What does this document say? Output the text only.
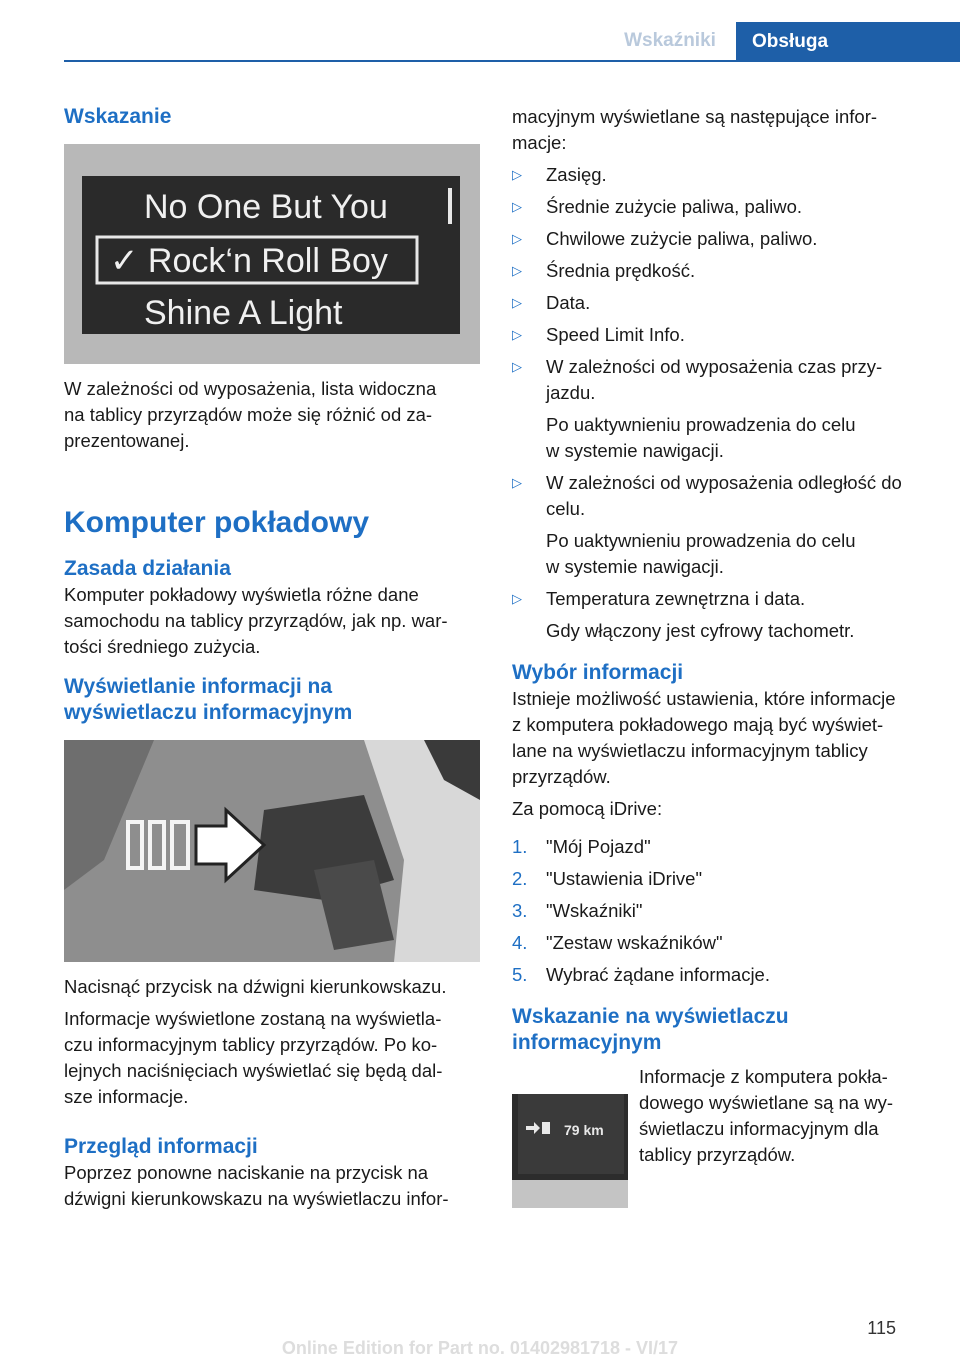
Wskaźniki	Obsługa

Wskazanie

No One But You
✓ Rock‘n Roll Boy
Shine A Light

W zależności od wyposażenia, lista widoczna

na tablicy przyrządów może się różnić od za-

prezentowanej.

Komputer pokładowy

Zasada działania

Komputer pokładowy wyświetla różne dane

samochodu na tablicy przyrządów, jak np. war-

tości średniego zużycia.

Wyświetlanie informacji na

wyświetlaczu informacyjnym

Nacisnąć przycisk na dźwigni kierunkowskazu.

Informacje wyświetlone zostaną na wyświetla-

czu informacyjnym tablicy przyrządów. Po ko-

lejnych naciśnięciach wyświetlać się będą dal-

sze informacje.

Przegląd informacji

Poprzez ponowne naciskanie na przycisk na

dźwigni kierunkowskazu na wyświetlaczu infor-

macyjnym wyświetlane są następujące infor-

macje:

▷ Zasięg.
▷ Średnie zużycie paliwa, paliwo.
▷ Chwilowe zużycie paliwa, paliwo.
▷ Średnia prędkość.
▷ Data.
▷ Speed Limit Info.
▷ W zależności od wyposażenia czas przy-
jazdu.
Po uaktywnieniu prowadzenia do celu
w systemie nawigacji.
▷ W zależności od wyposażenia odległość do
celu.
Po uaktywnieniu prowadzenia do celu
w systemie nawigacji.
▷ Temperatura zewnętrzna i data.
Gdy włączony jest cyfrowy tachometr.

Wybór informacji

Istnieje możliwość ustawienia, które informacje

z komputera pokładowego mają być wyświet-

lane na wyświetlaczu informacyjnym tablicy

przyrządów.

Za pomocą iDrive:

1. "Mój Pojazd"
2. "Ustawienia iDrive"
3. "Wskaźniki"
4. "Zestaw wskaźników"
5. Wybrać żądane informacje.

Wskazanie na wyświetlaczu

informacyjnym

79 km

Informacje z komputera pokła-

dowego wyświetlane są na wy-

świetlaczu informacyjnym dla

tablicy przyrządów.

115
Online Edition for Part no. 01402981718 - VI/17
